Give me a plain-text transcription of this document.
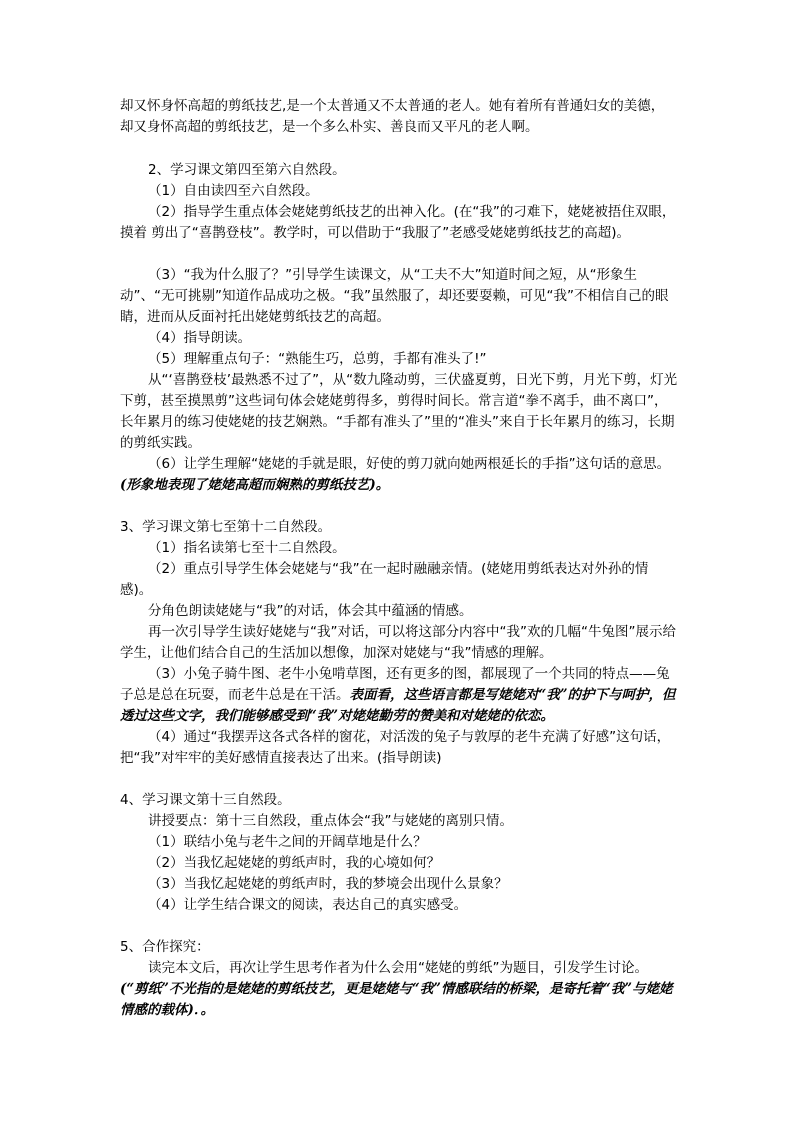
却又怀身怀高超的剪纸技艺,是一个太普通又不太普通的老人。她有着所有普通妇女的美德，
却又身怀高超的剪纸技艺，是一个多么朴实、善良而又平凡的老人啊。

2、学习课文第四至第六自然段。

（1）自由读四至六自然段。

（2）指导学生重点体会姥姥剪纸技艺的出神入化。(在“我”的刁难下，姥姥被捂住双眼，摸着 剪出了“喜鹊登枝”。教学时，可以借助于“我服了”老感受姥姥剪纸技艺的高超)。

（3）“我为什么服了？”引导学生读课文，从“工夫不大”知道时间之短，从“形象生动”、“无可挑剔”知道作品成功之极。“我”虽然服了，却还要耍赖，可见“我”不相信自己的眼睛，进而从反面衬托出姥姥剪纸技艺的高超。

（4）指导朗读。

（5）理解重点句子：“熟能生巧，总剪，手都有准头了!”

从“‘喜鹊登枝’最熟悉不过了”，从“数九隆动剪，三伏盛夏剪，日光下剪，月光下剪，灯光下剪，甚至摸黑剪”这些词句体会姥姥剪得多，剪得时间长。常言道“拳不离手，曲不离口”，长年累月的练习使姥姥的技艺娴熟。“手都有准头了”里的“准头”来自于长年累月的练习，长期的剪纸实践。

（6）让学生理解“姥姥的手就是眼，好使的剪刀就向她两根延长的手指”这句话的意思。(形象地表现了姥姥高超而娴熟的剪纸技艺)。

3、学习课文第七至第十二自然段。

（1）指名读第七至十二自然段。

（2）重点引导学生体会姥姥与“我”在一起时融融亲情。(姥姥用剪纸表达对外孙的情感)。

分角色朗读姥姥与“我”的对话，体会其中蕴涵的情感。

再一次引导学生读好姥姥与“我”对话，可以将这部分内容中“我”欢的几幅“牛兔图”展示给学生，让他们结合自己的生活加以想像，加深对姥姥与“我”情感的理解。

（3）小兔子骑牛图、老牛小兔啃草图，还有更多的图，都展现了一个共同的特点——兔子总是总在玩耍，而老牛总是在干活。表面看，这些语言都是写姥姥对“我”的护下与呵护，但透过这些文字，我们能够感受到“我”对姥姥勤劳的赞美和对姥姥的依恋。

（4）通过“我摆弄这各式各样的窗花，对活泼的兔子与敦厚的老牛充满了好感”这句话，把“我”对牢牢的美好感情直接表达了出来。(指导朗读)

4、学习课文第十三自然段。

讲授要点：第十三自然段，重点体会“我”与姥姥的离别只情。

（1）联结小兔与老牛之间的开阔草地是什么？

（2）当我忆起姥姥的剪纸声时，我的心境如何？

（3）当我忆起姥姥的剪纸声时，我的梦境会出现什么景象？

（4）让学生结合课文的阅读，表达自己的真实感受。

5、合作探究：

读完本文后，再次让学生思考作者为什么会用“姥姥的剪纸”为题目，引发学生讨论。

(“剪纸”不光指的是姥姥的剪纸技艺，更是姥姥与“我”情感联结的桥梁，是寄托着“我”与姥姥情感的载体)．。
